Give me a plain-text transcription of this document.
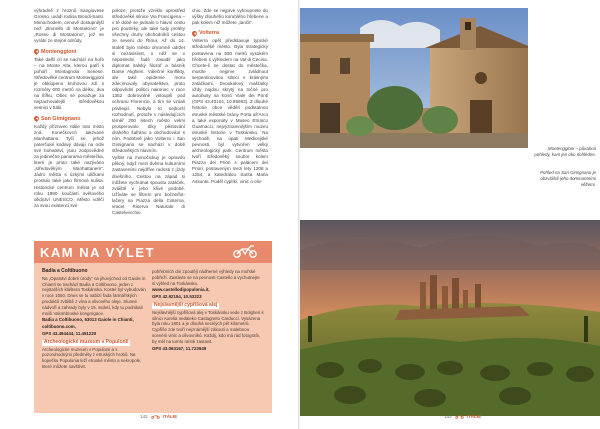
výhradně z hroznů Sangiovese Grosso, uvádí rodina Biondi-Santi. Mimochodem, cenově dostupnější než „Brunello di Montalcino“ je „Rosso di Montalcino“, jež se vyrábí ze stejné odrůdy.

Montenggioni

Také další cíl se nachází na hoře – na Monte Alta, kterou patří k pohoří Montagnola Senese. Středověké centrum Monteriggioni je obklopeno kruhovou zdí s rozměry 600 metrů na délku, dva na šířku. Obec se považuje za nejzachovalejší středověkou vesnici v Itálii.

San Gimignano

Každý příznivec Itálie toto místo zná. Konečkovců takzvané Manhattanu: Tyčí se, jehož paterčuké kodavy dávají na odiv své bohatství, jsou zodpovědné za jedinečné panorama městečka, které je proto také nazýváno „středověkým Manhattanem“. Jádro města s úzkými uličkami proslulo také jako filmová kulisa. Historické centrum města je od roku 1990 součástí světového dědictví UNESCO. Město vděčí za svou existenci své

poloze, protože vzniklo uprostřed středověké silnice Via Francigena – v té době se jednalo o hlavní cestu pro poutníky, ale také tudy proléty všechny druhy obchodníků cestou ze severu do Říma. Až do 14. století bylo město ohromně udržet si nezávislost, o něž se v neposlední řadě zasadil jako diplomat italský filozof a básník Dante Alighieri. Válečné konflikty, ale také epidemie moru zdecimovaly obyvatelstvo, proto odpovědní politici nakonec v roce 1352 dobrovolně vstoupili pod ochranu Florencie, a tím se vzdali privilegií. Nebylo to nejhorší rozhodnutí, protože v následujících téměř 200 letech město velmi prosperovalo díky pěstování drahého šafránu a obchodování s ním. Podobně jako Volterra i San Gimignano se nachází v době středověkých hlavním.

Vyšlet na monočickuy je opravdu pěkný, když mezi dvěma kulturními zastaveními nejdříve radosti z jízdy dnešního. Cestou na západ si můžete vychutnat spoustu zatáček, zvláště v jeho křivé podobě. Užíváte se filtrem pro bočne/fot-lačery na Piazza della Cisterna, vracet Riserva Naturale di Castelvecchio.

chio. Zde se nejprve vyhoupnete do výšky dlouhého koruhlého hřebene a pak kolem níž můžete „tančit“.

Volterra

Volterra opět představuje typické středověké město. Byla strategicky postavena na 550 metrů vysokém hřebeni s výhledem na Val di Cecina. Chcete-li se dostat do městečka, musíte nejprve zvládnout serpentinovitou silnici s krásnými zatáčkami. Dvoukolový mašťatky vždy najdou skrytý na točné pro autobusy na konci Viale dei Ponti (GPS 43.40104, 10.85993). Z dlouhé historie obce vědělí podstatnou etruské městské brány Porta all’Arco a také exponáty v Museo Etrusco Guarnacci, nejvýznamnějším muzeu etruské historie v Toskánsku. Na východě, na úpatí Medicejské pevnosti, byl vytvořen velký archeologický park. Centrum města tvoří středověký soubor kolem Piazza dei Priori s palácem dei Priori, postaveným mezi lety 1208 a 1254, a katedrálou Santa Maria Assunta. Poděl cyplíkí, vinic a oliv-

KAM NA VÝLET
Badia a Coltibuono

Na „Opatství dobré úrody“ na jihovýchod od Gaiole in Chianti se nachází Badia a Coltibuono, jeden z nejstarších kláštera Toskánska. Kostel byl vybudován v roce 1050. Dnes se tu nabízí řada farmářských produktů zvláště z vína a olivového oleje. Slunné nádvoří a zahrady byly v 15. století, kdy tu podnikali mniši Valombroské kongregace.

Badia a Coltibuono, 53013 Gaiole in Chianti,

coltibuono.com,

GPS 43.494444, 11.451220

Archeologické muzeum v Populonii

Archeologické muzeum v Populonii a s pozoruhodnými předměty z etruských hrobů. Na kopečku Populonia leží etruské město a nekropole, které můžete navštívit.

pohřebních dní zpoutějí nádherné výhledy na mořské pobřeží. Zastavte se na pevnosti Castello a vychutnejte si výhled na Toskánsko.

www.castellodipopulonia.it,

GPS 42.92154, 10.53223

Nejslavnější cypřišová alej

Nejslavnější cypřišová alej v Toskánsku vede z Bolgheri k silnici Aurelia nedaleko Castagneto Carducci. Vysázena byla roku 1801 a je dlouhá necelých pět kilometrů. Cypřiše zde tvoří nejznámější zákoutí a malebnou scenérii vinic a olivovníků. Každý, kdo má rád fotografii, by měl na tomto místě zastavit.

GPS 43.063167, 11.723949

142	ITÁLIE
Montenggioni – půvabná pohledy, kam jen oko dohlédne.
Pohled na San Gimignano je obzvláště jeho dominantními věžemi.
143	ITÁLIE
